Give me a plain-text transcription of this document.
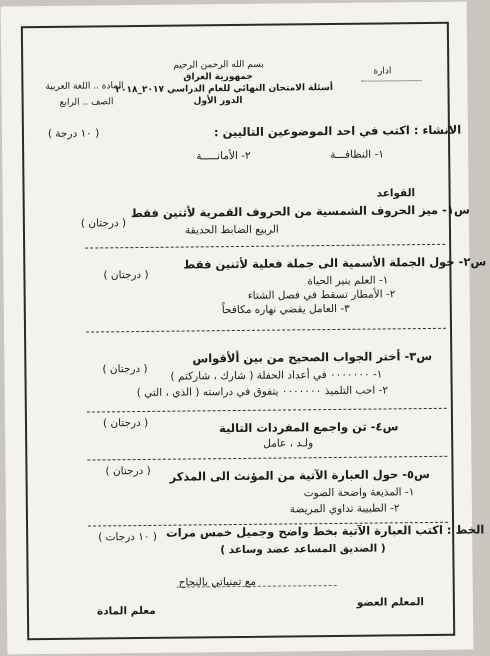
بسم الله الرحمن الرحيم
جمهورية العراق
أسئلة الامتحان النهائي للعام الدراسي ٢٠١٧_٢٠١٨
الدور الأول
ادارة
المادة .. اللغة العربية
الصف .. الرابع
الانشاء : اكتب في احد الموضوعين التاليين :
( ١٠ درجة )
١- النظافـــة
٢- الأمانـــــة
القواعد
س١- ميز الحروف الشمسية من الحروف القمرية لأثنين فقط
( درجتان )
الربيع الضابط الحديقة
س٢- حول الجملة الأسمية الى جملة فعلية لأثنين فقط
( درجتان )	١- العلم ينير الحياة
٢- الأمطار تسقط في فصل الشتاء
٣- العامل يقضي نهاره مكافحاً
س٣- أختر الجواب الصحيح من بين ألأقواس
( درجتان ) ١- ٠٠٠٠٠٠٠ في أعداد الحفلة ( شارك ، شاركتم )
٢- احب التلميذ ٠٠٠٠٠٠٠ يتفوق في دراسته ( الذي ، التي )
س٤- ثن واجمع المفردات التالية
( درجتان )
ولـد ، عامل
س٥- حول العبارة الآتية من المؤنث الى المذكر
( درجتان )
١- المذيعة واضحة الصوت
٢- الطبيبة تداوي المريضة
الخط : اكتب العبارة الآتية بخط واضح وجميل خمس مرات
( ١٠ درجات )
( الصديق المساعد عضد وساعد )
مع تمنياتي بالنجاح
المعلم العضو
معلم المادة
